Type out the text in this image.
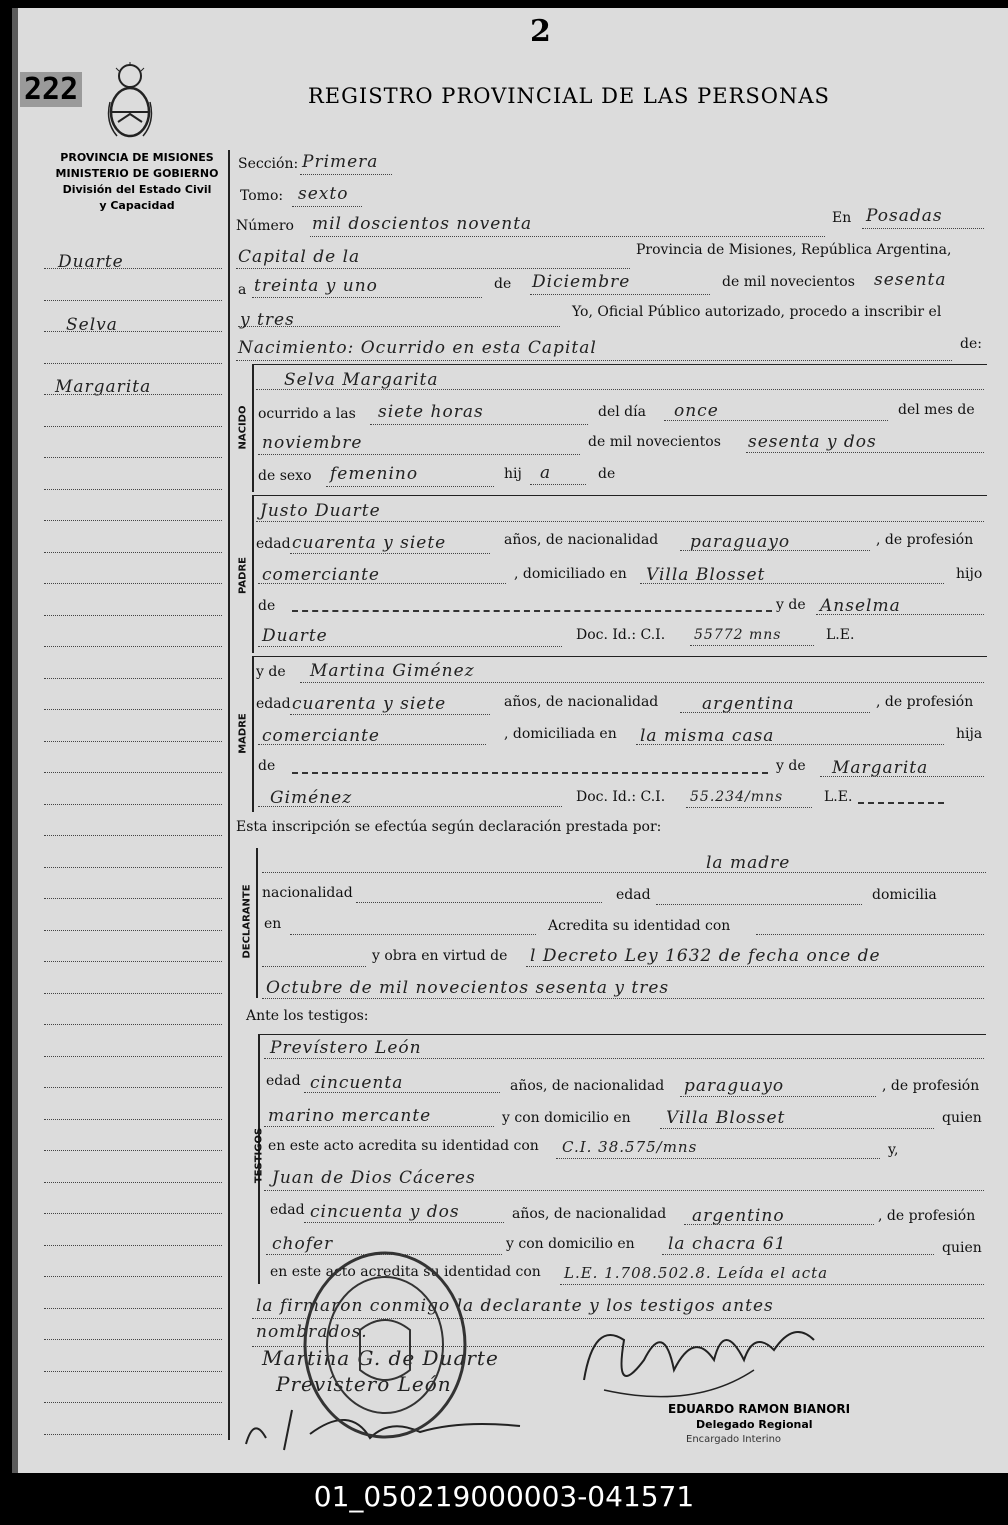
2
222	REGISTRO PROVINCIAL DE LAS PERSONAS
PROVINCIA DE MISIONES
MINISTERIO DE GOBIERNO
División del Estado Civil
y Capacidad
Duarte
Selva
Margarita
Sección: Primera
Tomo: sexto
Número mil doscientos noventa	En Posadas
Capital de la	Provincia de Misiones, República Argentina,
a treinta y uno	de Diciembre	de mil novecientos sesenta
y tres	Yo, Oficial Público autorizado, procedo a inscribir el
Nacimiento: Ocurrido en esta Capital	de:
NACIDO
Selva Margarita
ocurrido a las siete horas	del día once	del mes de
noviembre	de mil novecientos sesenta y dos
de sexo femenino	hij a	de
PADRE
Justo Duarte
edad cuarenta y siete	años, de nacionalidad paraguayo	, de profesión
comerciante	, domiciliado en Villa Blosset	hijo
de	y de Anselma
Duarte	Doc. Id.: C.I. 55772 mns	L.E.
MADRE
y de Martina Giménez
edad cuarenta y siete	años, de nacionalidad	argentina	, de profesión
comerciante	, domiciliada en la misma casa	hija
de	y de Margarita
Giménez	Doc. Id.: C.I. 55.234/mns	L.E.
Esta inscripción se efectúa según declaración prestada por:
la madre
DECLARANTE nacionalidad	edad	domicilia
en	Acredita su identidad con
y obra en virtud de l Decreto Ley 1632 de fecha once de
Octubre de mil novecientos sesenta y tres
Ante los testigos:
TESTIGOS
Prevístero León
edad cincuenta	años, de nacionalidad paraguayo	, de profesión
marino mercante	y con domicilio en Villa Blosset	quien
en este acto acredita su identidad con C.I. 38.575/mns	y,
Juan de Dios Cáceres
edad cincuenta y dos	años, de nacionalidad argentino	, de profesión
chofer	y con domicilio en la chacra 61	quien
en este acto acredita su identidad con L.E. 1.708.502.8. Leída el acta
la firmaron conmigo la declarante y los testigos antes
nombrados.
Martina G. de Duarte
Prevístero León
EDUARDO RAMON BIANORI
Delegado Regional
Encargado Interino
01_050219000003-041571
